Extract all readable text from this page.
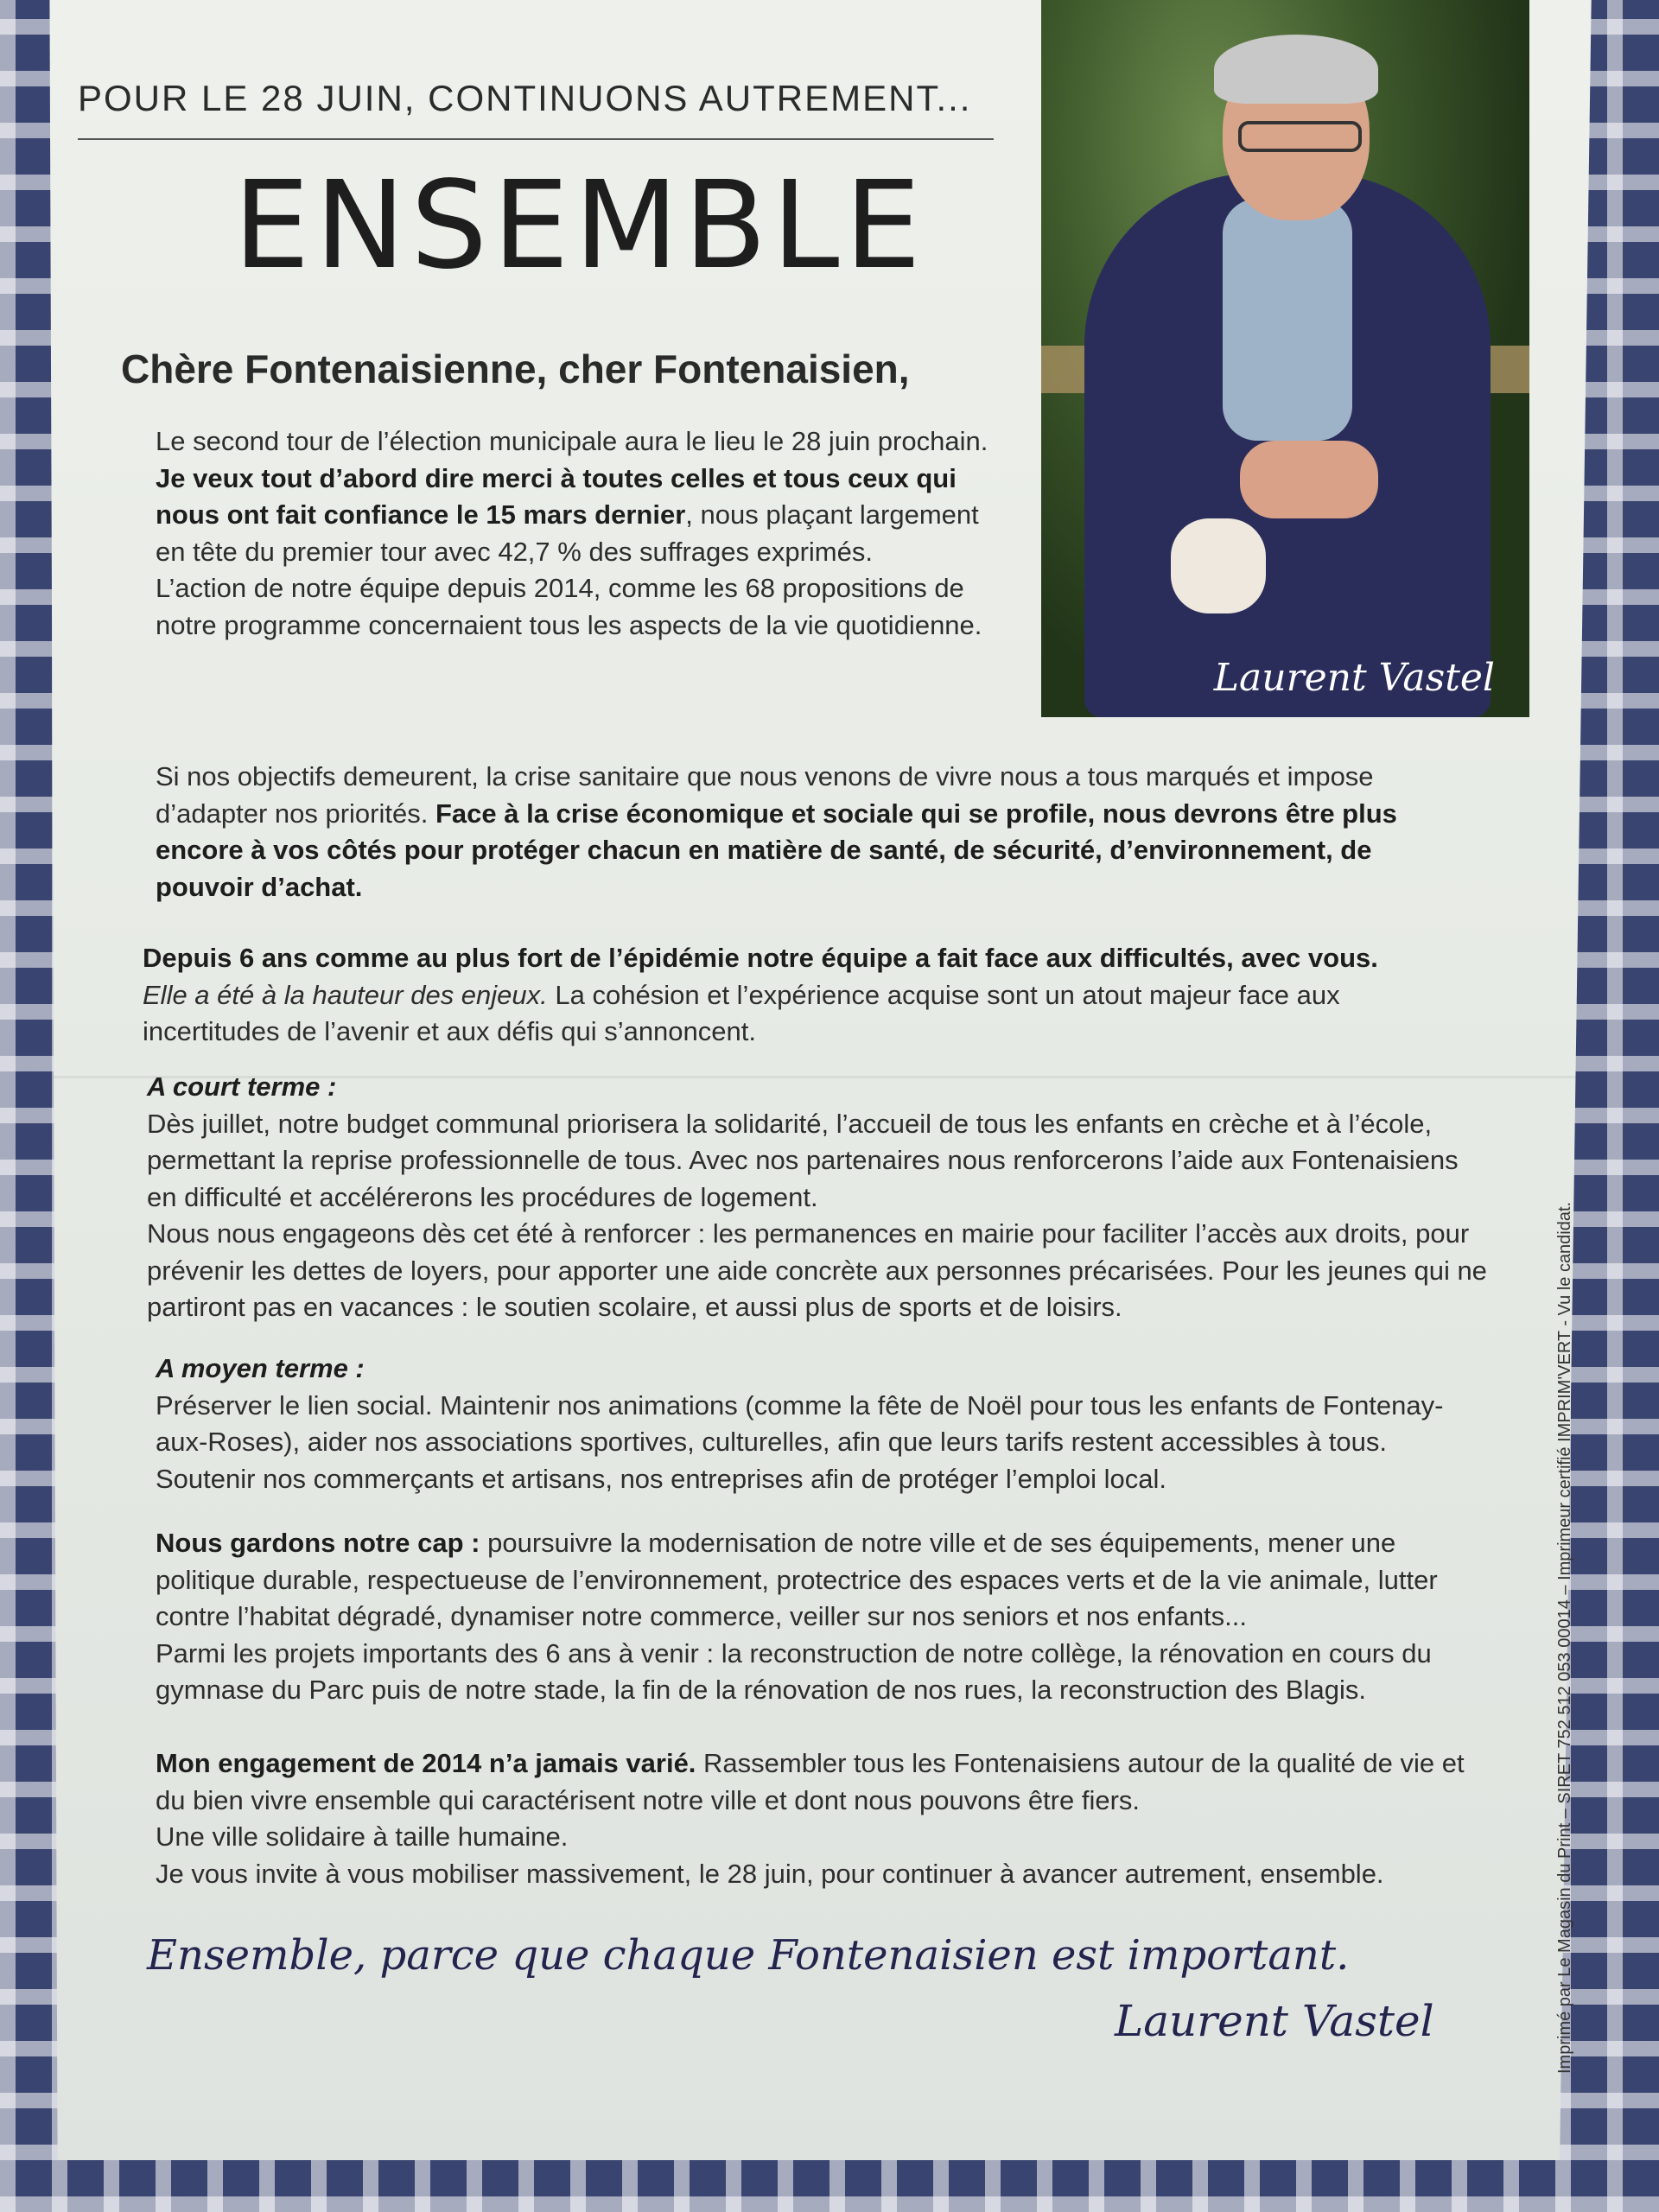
POUR LE 28 JUIN, CONTINUONS AUTREMENT...
ENSEMBLE
Laurent Vastel
Chère Fontenaisienne, cher Fontenaisien,
Le second tour de l’élection municipale aura le lieu le 28 juin prochain.
Je veux tout d’abord dire merci à toutes celles et tous ceux qui nous ont fait confiance le 15 mars dernier, nous plaçant largement en tête du premier tour avec 42,7 % des suffrages exprimés.
L’action de notre équipe depuis 2014, comme les 68 propositions de notre programme concernaient tous les aspects de la vie quotidienne.
Si nos objectifs demeurent, la crise sanitaire que nous venons de vivre nous a tous marqués et impose d’adapter nos priorités. Face à la crise économique et sociale qui se profile, nous devrons être plus encore à vos côtés pour protéger chacun en matière de santé, de sécurité, d’environnement, de pouvoir d’achat.
Depuis 6 ans comme au plus fort de l’épidémie notre équipe a fait face aux difficultés, avec vous.
Elle a été à la hauteur des enjeux. La cohésion et l’expérience acquise sont un atout majeur face aux incertitudes de l’avenir et aux défis qui s’annoncent.
A court terme :
Dès juillet, notre budget communal priorisera la solidarité, l’accueil de tous les enfants en crèche et à l’école, permettant la reprise professionnelle de tous. Avec nos partenaires nous renforcerons l’aide aux Fontenaisiens en difficulté et accélérerons les procédures de logement.
Nous nous engageons dès cet été à renforcer : les permanences en mairie pour faciliter l’accès aux droits, pour prévenir les dettes de loyers, pour apporter une aide concrète aux personnes précarisées. Pour les jeunes qui ne partiront pas en vacances : le soutien scolaire, et aussi plus de sports et de loisirs.
A moyen terme :
Préserver le lien social. Maintenir nos animations (comme la fête de Noël pour tous les enfants de Fontenay-aux-Roses), aider nos associations sportives, culturelles, afin que leurs tarifs restent accessibles à tous. Soutenir nos commerçants et artisans, nos entreprises afin de protéger l’emploi local.
Nous gardons notre cap : poursuivre la modernisation de notre ville et de ses équipements, mener une politique durable, respectueuse de l’environnement, protectrice des espaces verts et de la vie animale, lutter contre l’habitat dégradé, dynamiser notre commerce, veiller sur nos seniors et nos enfants...
Parmi les projets importants des 6 ans à venir : la reconstruction de notre collège, la rénovation en cours du gymnase du Parc puis de notre stade, la fin de la rénovation de nos rues, la reconstruction des Blagis.
Mon engagement de 2014 n’a jamais varié. Rassembler tous les Fontenaisiens autour de la qualité de vie et du bien vivre ensemble qui caractérisent notre ville et dont nous pouvons être fiers.
Une ville solidaire à taille humaine.
Je vous invite à vous mobiliser massivement, le 28 juin, pour continuer à avancer autrement, ensemble.
Ensemble, parce que chaque Fontenaisien est important.
Laurent Vastel	Imprimé par Le Magasin du Print – SIRET 752 512 053 00014 – Imprimeur certifié IMPRIM'VERT - Vu le candidat.
